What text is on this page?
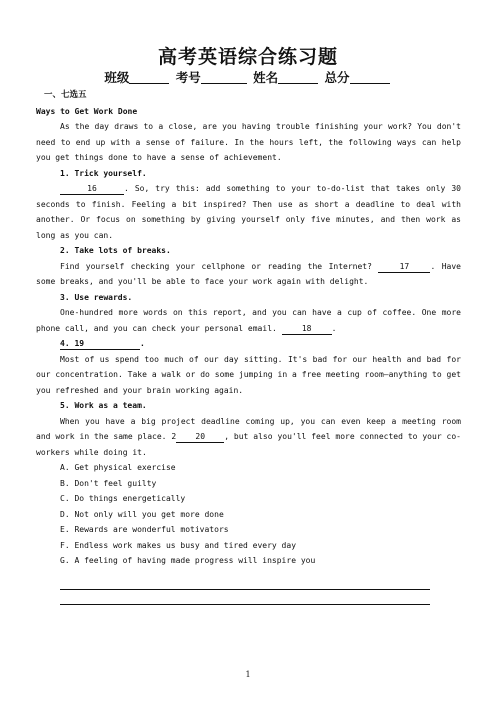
高考英语综合练习题
班级	考号	姓名	总分

一、七选五

Ways to Get Work Done

As the day draws to a close, are you having trouble finishing your work? You don't need to end up with a sense of failure. In the hours left, the following ways can help you get things done to have a sense of achievement.

1. Trick yourself.

16	. So, try this: add something to your to-do-list that takes only 30 seconds to finish. Feeling a bit inspired? Then use as short a deadline to deal with another. Or focus on something by giving yourself only five minutes, and then work as long as you can.

2. Take lots of breaks.

Find yourself checking your cellphone or reading the Internet?	17	. Have some breaks, and you'll be able to face your work again with delight.

3. Use rewards.

One-hundred more words on this report, and you can have a cup of coffee. One more phone call, and you can check your personal email.	18	.

4. 19	.

Most of us spend too much of our day sitting. It's bad for our health and bad for our concentration. Take a walk or do some jumping in a free meeting room—anything to get you refreshed and your brain working again.

5. Work as a team.

When you have a big project deadline coming up, you can even keep a meeting room and work in the same place. 2 20 , but also you'll feel more connected to your co-workers while doing it.

A. Get physical exercise

B. Don't feel guilty

C. Do things energetically

D. Not only will you get more done

E. Rewards are wonderful motivators

F. Endless work makes us busy and tired every day

G. A feeling of having made progress will inspire you

1
